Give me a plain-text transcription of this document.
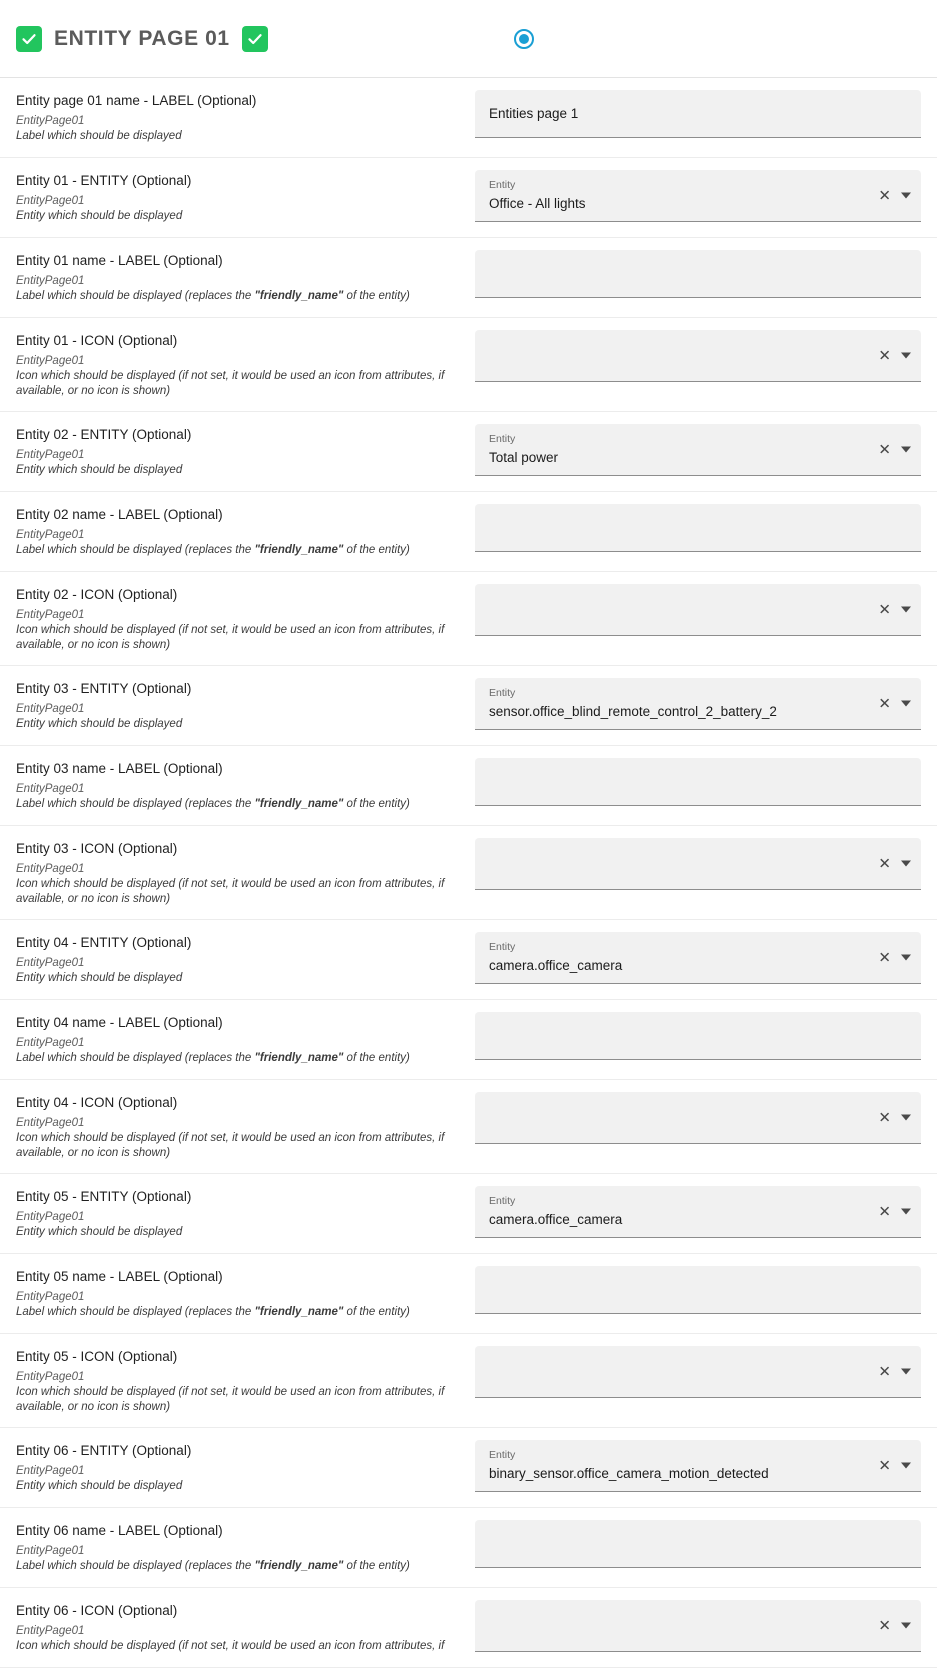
ENTITY PAGE 01
Entity page 01 name - LABEL (Optional)
EntityPage01
Label which should be displayed
Entities page 1
Entity 01 - ENTITY (Optional)
EntityPage01
Entity which should be displayed
Entity
Office - All lights	✕
Entity 01 name - LABEL (Optional)
EntityPage01
Label which should be displayed (replaces the "friendly_name" of the entity)
Entity 01 - ICON (Optional)
EntityPage01
Icon which should be displayed (if not set, it would be used an icon from attributes, if available, or no icon is shown)
✕
Entity 02 - ENTITY (Optional)
EntityPage01
Entity which should be displayed
Entity
Total power	✕
Entity 02 name - LABEL (Optional)
EntityPage01
Label which should be displayed (replaces the "friendly_name" of the entity)
Entity 02 - ICON (Optional)
EntityPage01
Icon which should be displayed (if not set, it would be used an icon from attributes, if available, or no icon is shown)
✕
Entity 03 - ENTITY (Optional)
EntityPage01
Entity which should be displayed
Entity
sensor.office_blind_remote_control_2_battery_2	✕
Entity 03 name - LABEL (Optional)
EntityPage01
Label which should be displayed (replaces the "friendly_name" of the entity)
Entity 03 - ICON (Optional)
EntityPage01
Icon which should be displayed (if not set, it would be used an icon from attributes, if available, or no icon is shown)
✕
Entity 04 - ENTITY (Optional)
EntityPage01
Entity which should be displayed
Entity
camera.office_camera	✕
Entity 04 name - LABEL (Optional)
EntityPage01
Label which should be displayed (replaces the "friendly_name" of the entity)
Entity 04 - ICON (Optional)
EntityPage01
Icon which should be displayed (if not set, it would be used an icon from attributes, if available, or no icon is shown)
✕
Entity 05 - ENTITY (Optional)
EntityPage01
Entity which should be displayed
Entity
camera.office_camera	✕
Entity 05 name - LABEL (Optional)
EntityPage01
Label which should be displayed (replaces the "friendly_name" of the entity)
Entity 05 - ICON (Optional)
EntityPage01
Icon which should be displayed (if not set, it would be used an icon from attributes, if available, or no icon is shown)
✕
Entity 06 - ENTITY (Optional)
EntityPage01
Entity which should be displayed
Entity
binary_sensor.office_camera_motion_detected	✕
Entity 06 name - LABEL (Optional)
EntityPage01
Label which should be displayed (replaces the "friendly_name" of the entity)
Entity 06 - ICON (Optional)
EntityPage01
Icon which should be displayed (if not set, it would be used an icon from attributes, if
✕
